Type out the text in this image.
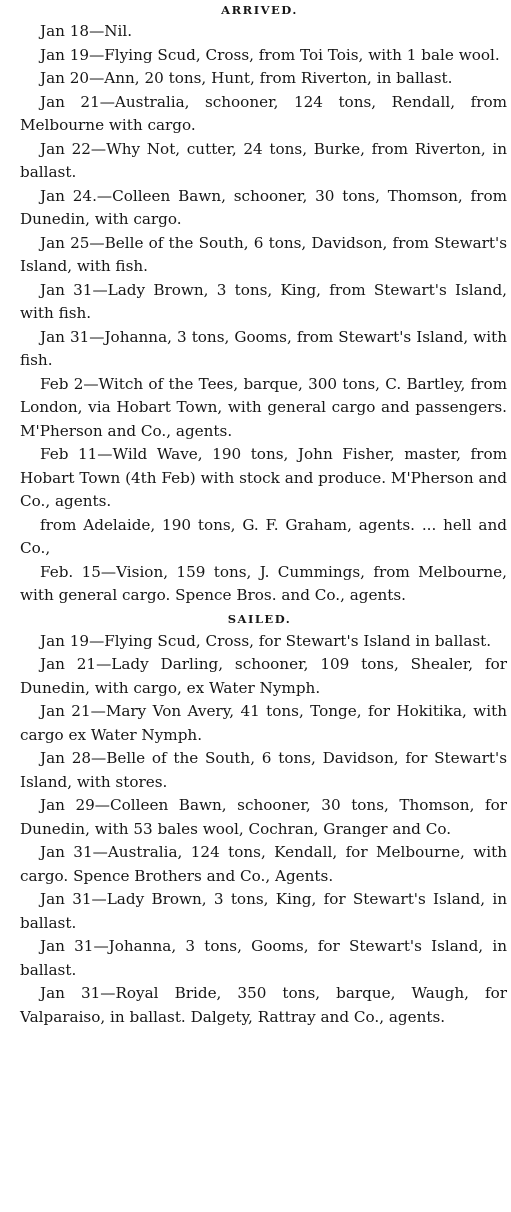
ARRIVED.

Jan 18—Nil.

Jan 19—Flying Scud, Cross, from Toi Tois, with 1 bale wool.

Jan 20—Ann, 20 tons, Hunt, from Riverton, in ballast.

Jan 21—Australia, schooner, 124 tons, Rendall, from Melbourne with cargo.

Jan 22—Why Not, cutter, 24 tons, Burke, from Riverton, in ballast.

Jan 24.—Colleen Bawn, schooner, 30 tons, Thomson, from Dunedin, with cargo.

Jan 25—Belle of the South, 6 tons, Davidson, from Stewart's Island, with fish.

Jan 31—Lady Brown, 3 tons, King, from Stewart's Island, with fish.

Jan 31—Johanna, 3 tons, Gooms, from Stewart's Island, with fish.

Feb 2—Witch of the Tees, barque, 300 tons, C. Bartley, from London, via Hobart Town, with general cargo and passengers. M'Pherson and Co., agents.

Feb 11—Wild Wave, 190 tons, John Fisher, master, from Hobart Town (4th Feb) with stock and produce. M'Pherson and Co., agents.

from Adelaide, 190 tons, G. F. Graham, agents. ... hell and Co.,

Feb. 15—Vision, 159 tons, J. Cummings, from Melbourne, with general cargo. Spence Bros. and Co., agents.

SAILED.

Jan 19—Flying Scud, Cross, for Stewart's Island in ballast.

Jan 21—Lady Darling, schooner, 109 tons, Shealer, for Dunedin, with cargo, ex Water Nymph.

Jan 21—Mary Von Avery, 41 tons, Tonge, for Hokitika, with cargo ex Water Nymph.

Jan 28—Belle of the South, 6 tons, Davidson, for Stewart's Island, with stores.

Jan 29—Colleen Bawn, schooner, 30 tons, Thomson, for Dunedin, with 53 bales wool, Cochran, Granger and Co.

Jan 31—Australia, 124 tons, Kendall, for Melbourne, with cargo. Spence Brothers and Co., Agents.

Jan 31—Lady Brown, 3 tons, King, for Stewart's Island, in ballast.

Jan 31—Johanna, 3 tons, Gooms, for Stewart's Island, in ballast.

Jan 31—Royal Bride, 350 tons, barque, Waugh, for Valparaiso, in ballast. Dalgety, Rattray and Co., agents.
